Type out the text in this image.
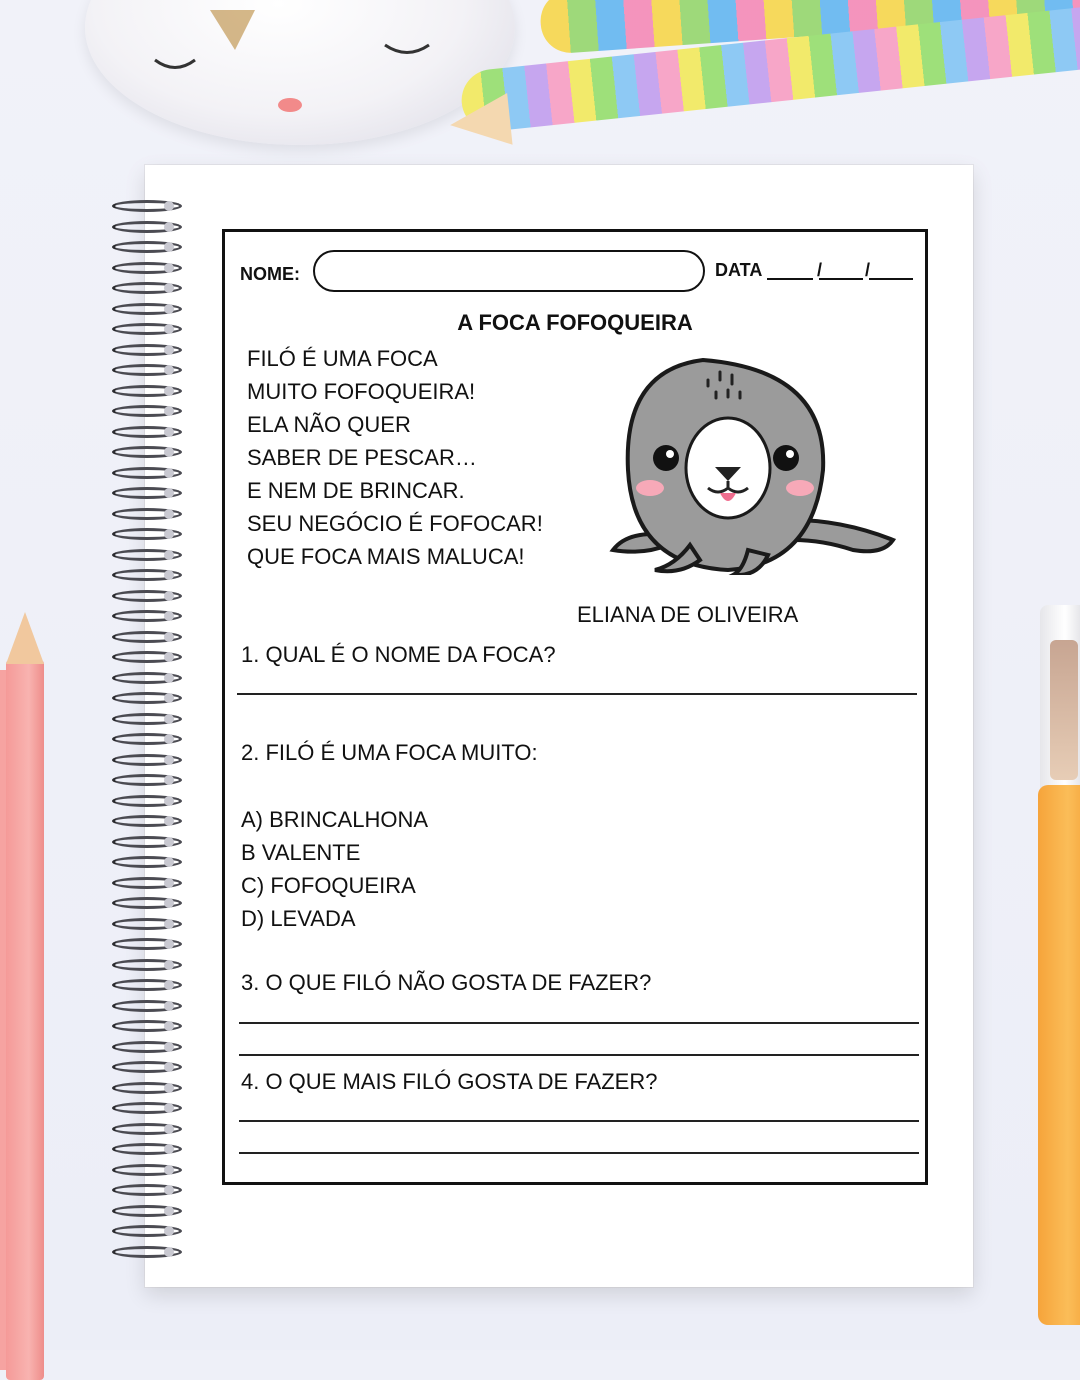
NOME:	DATA	/ /
A FOCA FOFOQUEIRA
FILÓ É UMA FOCA
MUITO FOFOQUEIRA!
ELA NÃO QUER
SABER DE PESCAR…
E NEM DE BRINCAR.
SEU NEGÓCIO É FOFOCAR!
QUE FOCA MAIS MALUCA!
ELIANA DE OLIVEIRA
1. QUAL É O NOME DA FOCA?
2. FILÓ É UMA FOCA MUITO:
A) BRINCALHONA
B VALENTE
C) FOFOQUEIRA
D) LEVADA
3. O QUE FILÓ NÃO GOSTA DE FAZER?
4. O QUE MAIS FILÓ GOSTA DE FAZER?
